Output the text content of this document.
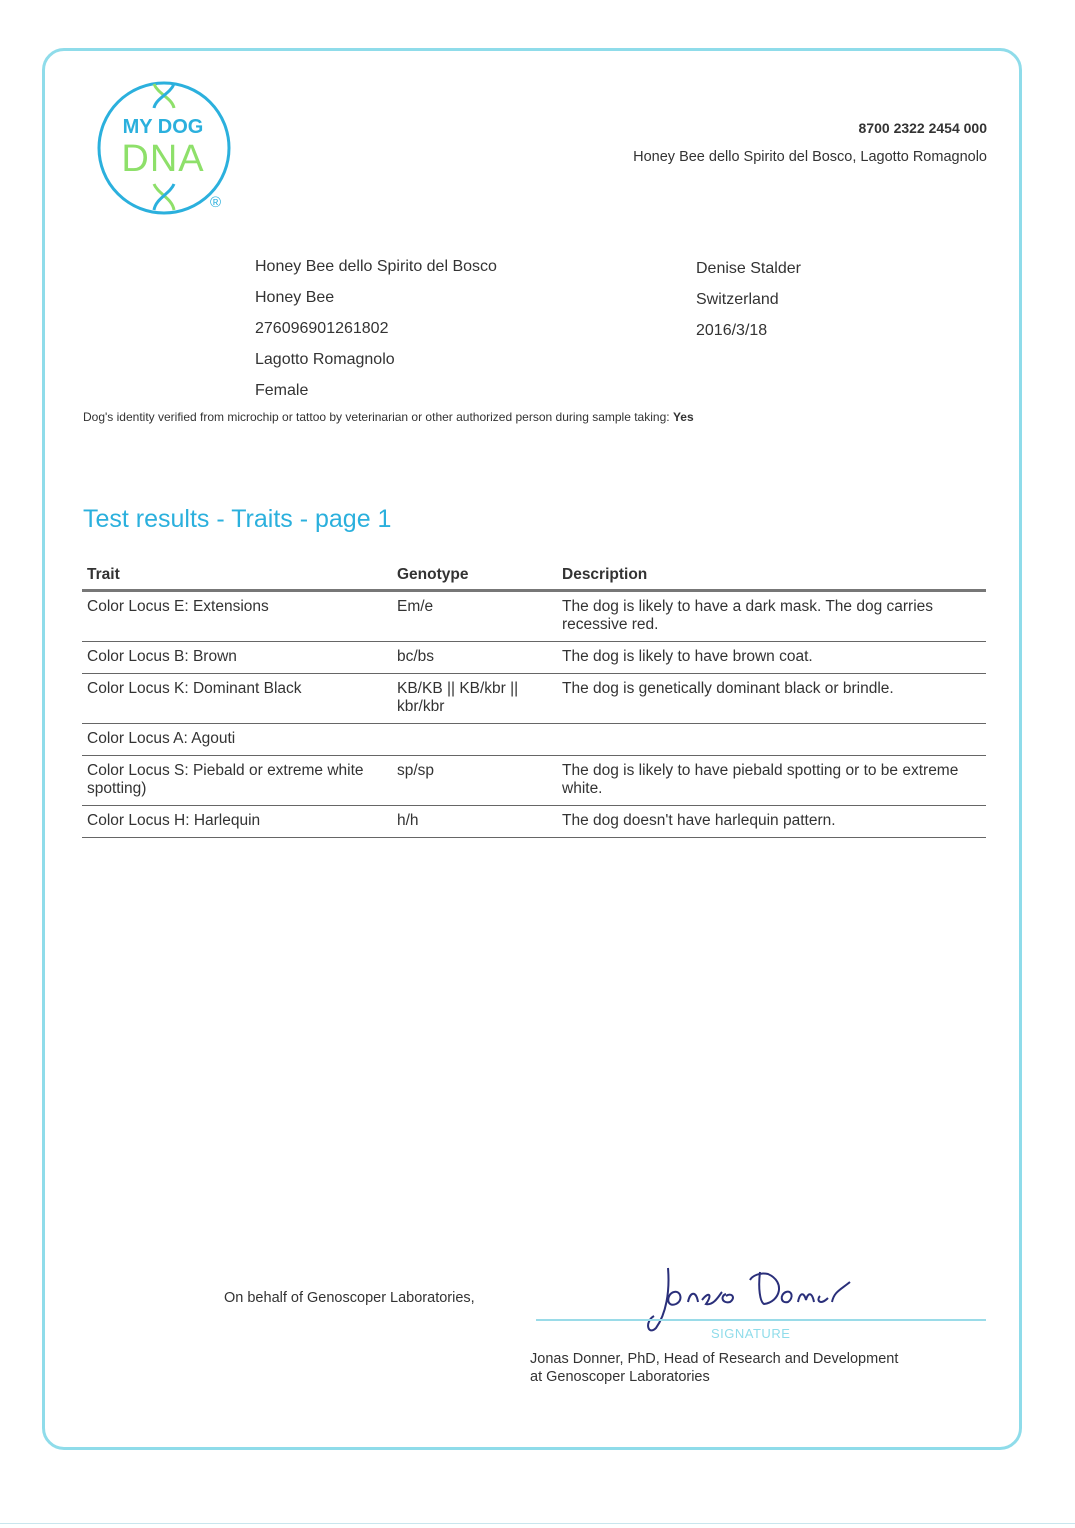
MY DOG
DNA
®
8700 2322 2454 000
Honey Bee dello Spirito del Bosco, Lagotto Romagnolo
Honey Bee dello Spirito del Bosco
Honey Bee
276096901261802
Lagotto Romagnolo
Female
Denise Stalder
Switzerland
2016/3/18
Dog's identity verified from microchip or tattoo by veterinarian or other authorized person during sample taking: Yes
Test results - Traits - page 1
Trait	Genotype	Description
Color Locus E: Extensions	Em/e	The dog is likely to have a dark mask. The dog carries recessive red.
Color Locus B: Brown	bc/bs	The dog is likely to have brown coat.
Color Locus K: Dominant Black	KB/KB || KB/kbr || kbr/kbr	The dog is genetically dominant black or brindle.
Color Locus A: Agouti		
Color Locus S: Piebald or extreme white spotting)	sp/sp	The dog is likely to have piebald spotting or to be extreme white.
Color Locus H: Harlequin	h/h	The dog doesn't have harlequin pattern.
On behalf of Genoscoper Laboratories,
SIGNATURE
Jonas Donner, PhD, Head of Research and Development
at Genoscoper Laboratories
